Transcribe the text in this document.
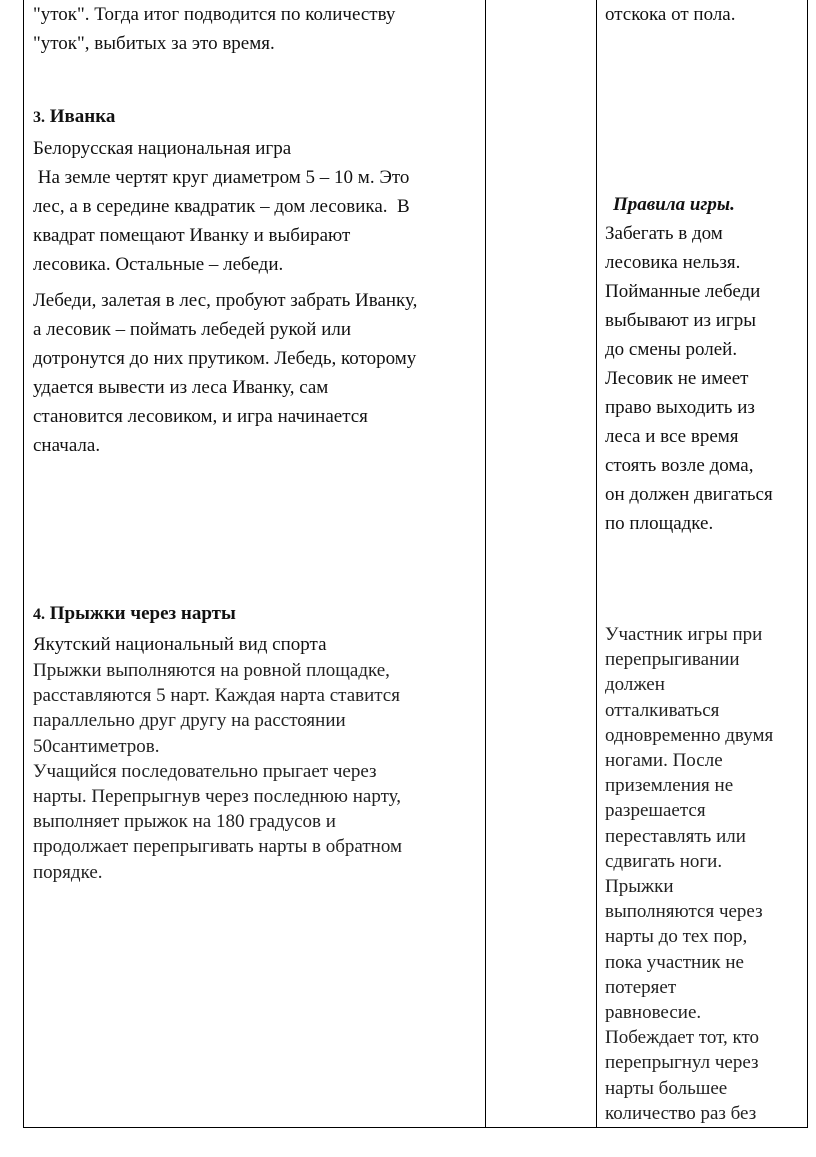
"уток". Тогда итог подводится по количеству

"уток", выбитых за это время.

3. Иванка

Белорусская национальная игра

На земле чертят круг диаметром 5 – 10 м. Это

лес, а в середине квадратик – дом лесовика.  В

квадрат помещают Иванку и выбирают

лесовика. Остальные – лебеди.

Лебеди, залетая в лес, пробуют забрать Иванку,

а лесовик – поймать лебедей рукой или

дотронутся до них прутиком. Лебедь, которому

удается вывести из леса Иванку, сам

становится лесовиком, и игра начинается

сначала.

4. Прыжки через нарты

Якутский национальный вид спорта

Прыжки выполняются на ровной площадке,

расставляются 5 нарт. Каждая нарта ставится

параллельно друг другу на расстоянии

50сантиметров.

Учащийся последовательно прыгает через

нарты. Перепрыгнув через последнюю нарту,

выполняет прыжок на 180 градусов и

продолжает перепрыгивать нарты в обратном

порядке.

отскока от пола.

Правила игры.

Забегать в дом

лесовика нельзя.

Пойманные лебеди

выбывают из игры

до смены ролей.

Лесовик не имеет

право выходить из

леса и все время

стоять возле дома,

он должен двигаться

по площадке.

Участник игры при

перепрыгивании

должен

отталкиваться

одновременно двумя

ногами. После

приземления не

разрешается

переставлять или

сдвигать ноги.

Прыжки

выполняются через

нарты до тех пор,

пока участник не

потеряет

равновесие.

Побеждает тот, кто

перепрыгнул через

нарты большее

количество раз без
